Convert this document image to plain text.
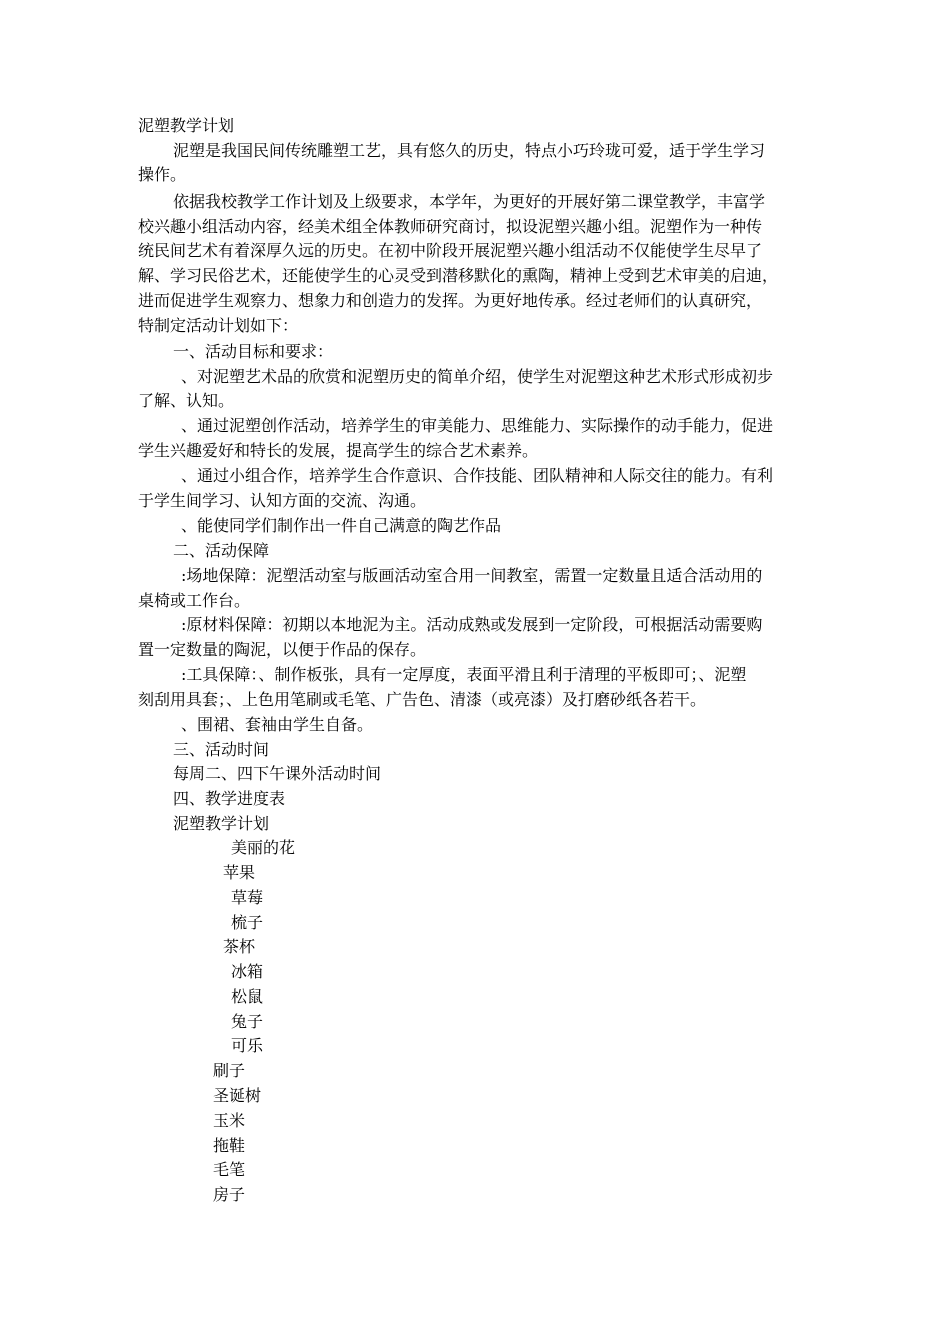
泥塑教学计划
泥塑是我国民间传统雕塑工艺，具有悠久的历史，特点小巧玲珑可爱，适于学生学习
操作。
依据我校教学工作计划及上级要求，本学年，为更好的开展好第二课堂教学，丰富学
校兴趣小组活动内容，经美术组全体教师研究商讨，拟设泥塑兴趣小组。泥塑作为一种传
统民间艺术有着深厚久远的历史。在初中阶段开展泥塑兴趣小组活动不仅能使学生尽早了
解、学习民俗艺术，还能使学生的心灵受到潜移默化的熏陶，精神上受到艺术审美的启迪，
进而促进学生观察力、想象力和创造力的发挥。为更好地传承。经过老师们的认真研究，
特制定活动计划如下：
一、活动目标和要求：
、对泥塑艺术品的欣赏和泥塑历史的简单介绍，使学生对泥塑这种艺术形式形成初步
了解、认知。
、通过泥塑创作活动，培养学生的审美能力、思维能力、实际操作的动手能力，促进
学生兴趣爱好和特长的发展，提高学生的综合艺术素养。
、通过小组合作，培养学生合作意识、合作技能、团队精神和人际交往的能力。有利
于学生间学习、认知方面的交流、沟通。
、能使同学们制作出一件自己满意的陶艺作品
二、活动保障
:场地保障：泥塑活动室与版画活动室合用一间教室，需置一定数量且适合活动用的
桌椅或工作台。
:原材料保障：初期以本地泥为主。活动成熟或发展到一定阶段，可根据活动需要购
置一定数量的陶泥，以便于作品的保存。
:工具保障：、制作板张，具有一定厚度，表面平滑且利于清理的平板即可；、泥塑
刻刮用具套；、上色用笔刷或毛笔、广告色、清漆（或亮漆）及打磨砂纸各若干。
、围裙、套袖由学生自备。
三、活动时间
每周二、四下午课外活动时间
四、教学进度表
泥塑教学计划
美丽的花
苹果
草莓
梳子
茶杯
冰箱
松鼠
兔子
可乐
刷子
圣诞树
玉米
拖鞋
毛笔
房子
